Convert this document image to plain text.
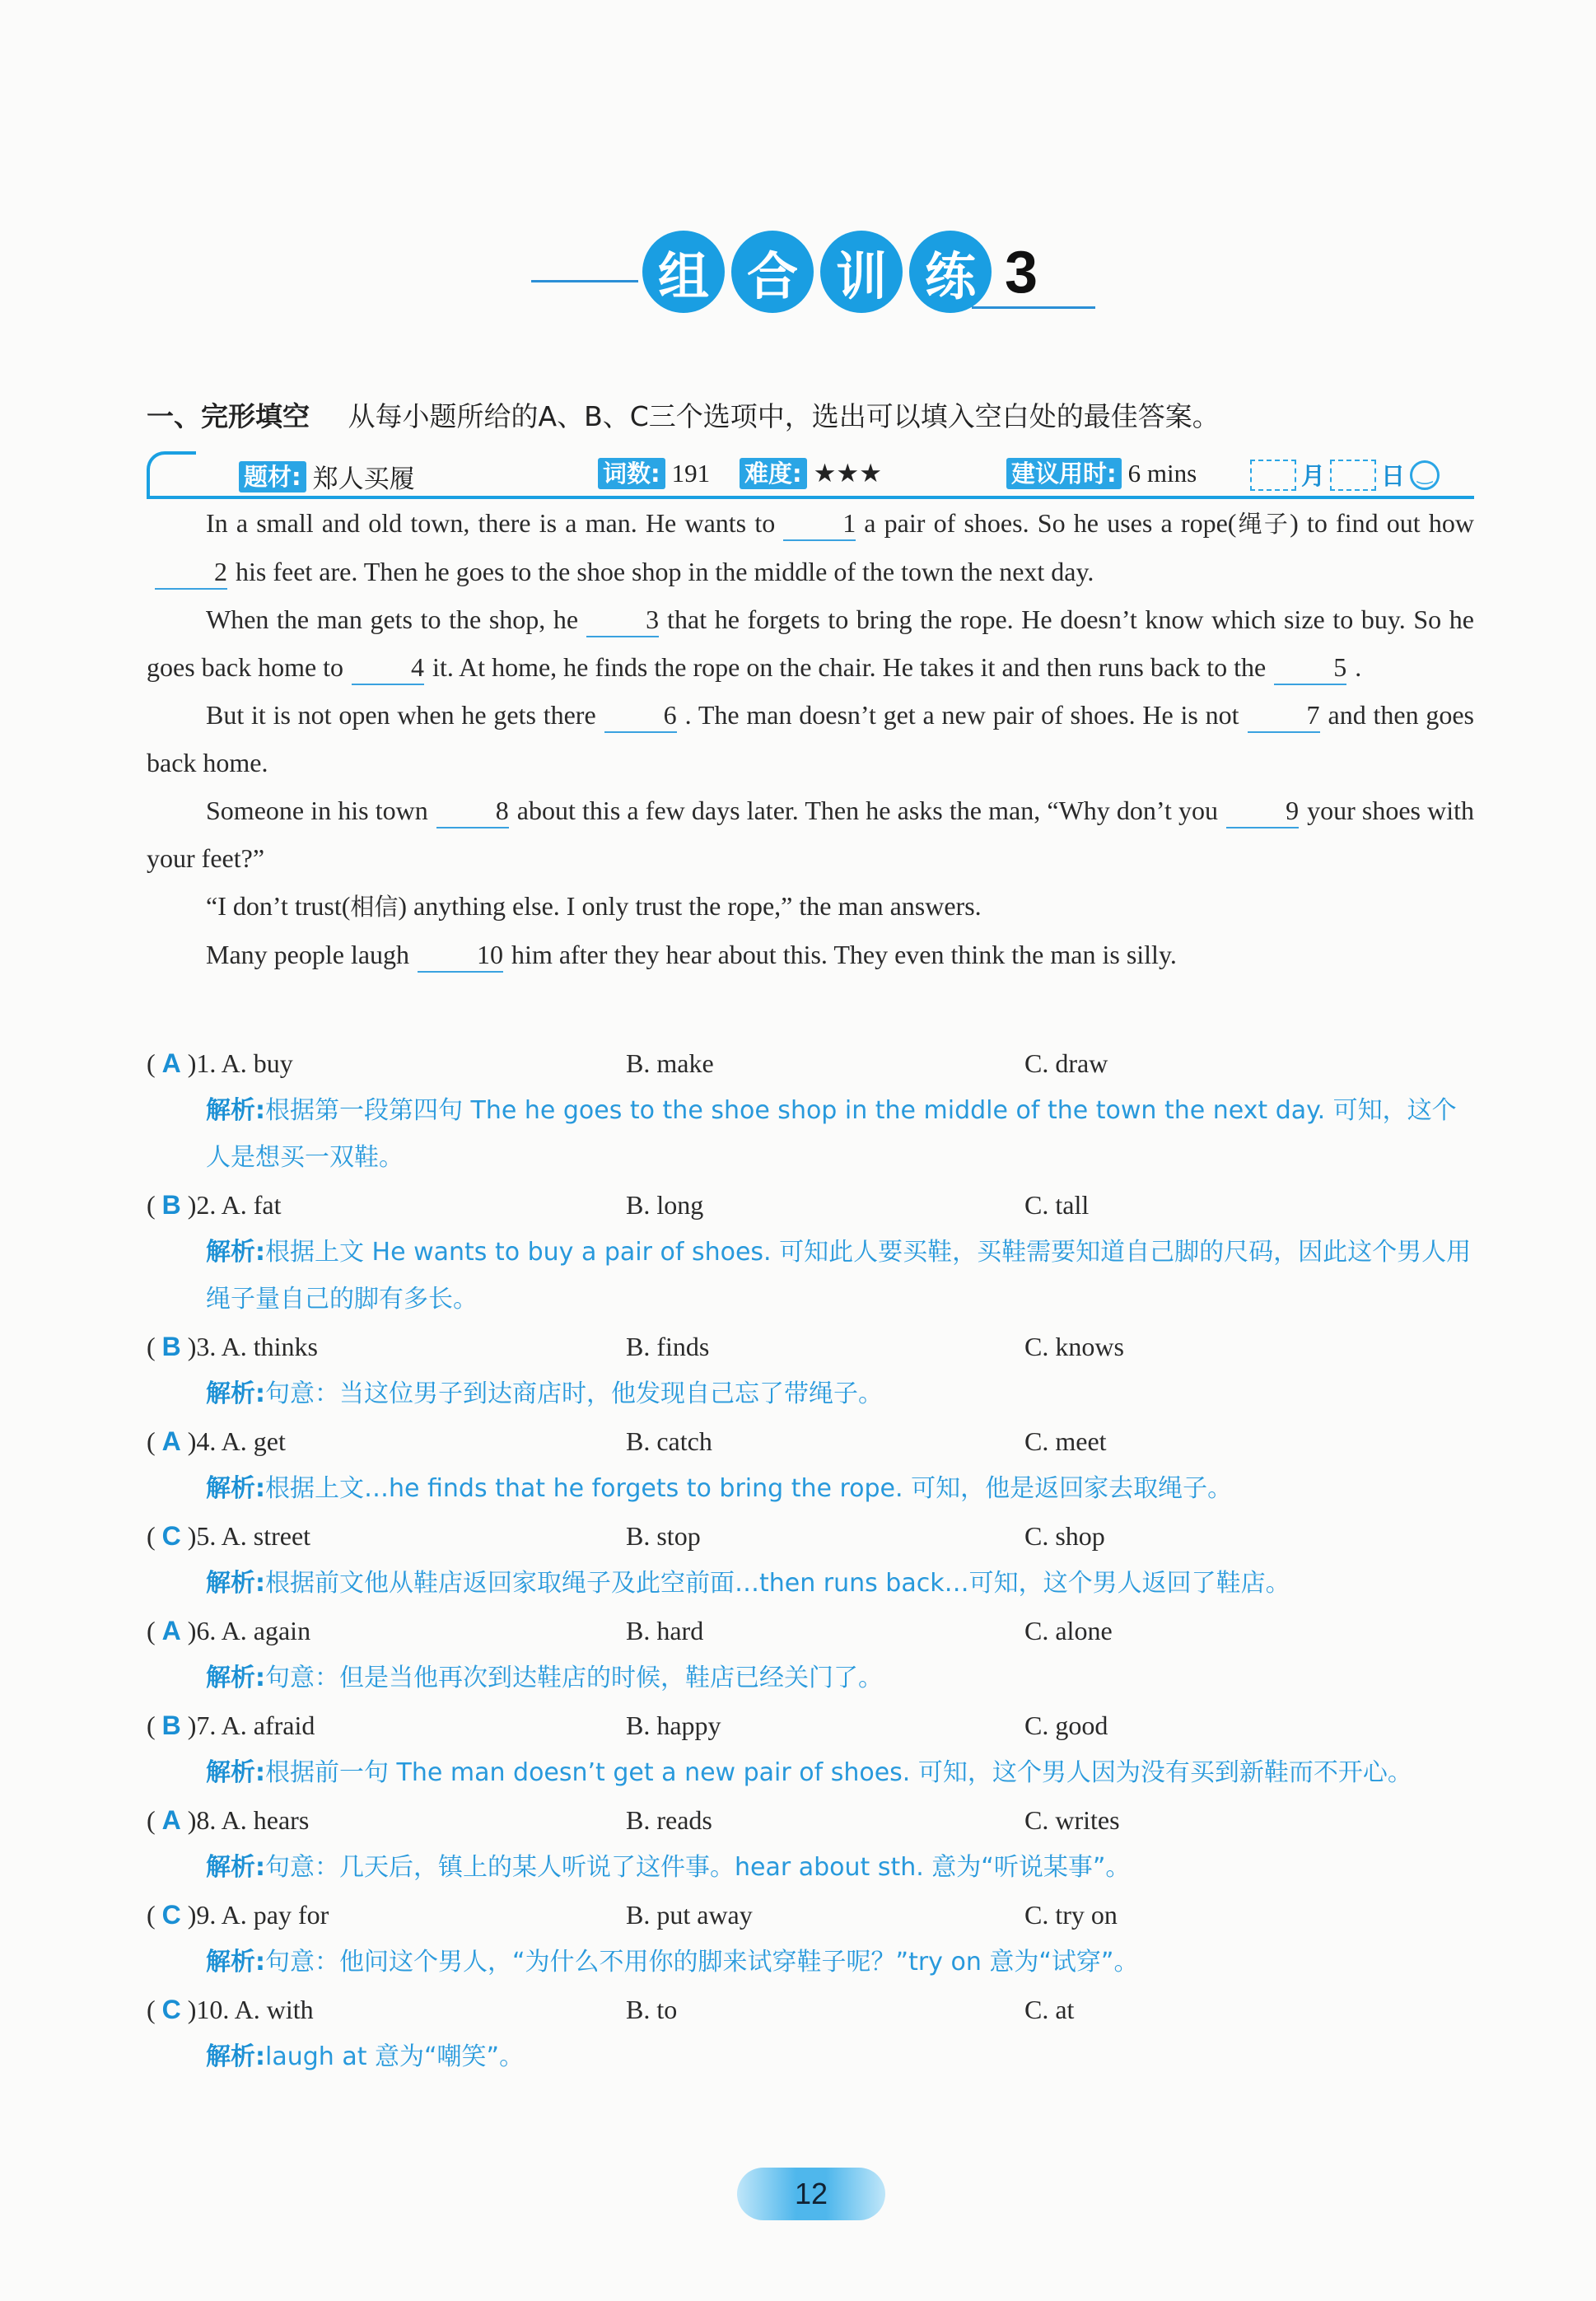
组 合 训 练 3
一、完形填空 从每小题所给的A、B、C三个选项中，选出可以填入空白处的最佳答案。
题材: 郑人买履	词数: 191 难度: ★★★	建议用时: 6 mins	月 日 ‿

In a small and old town, there is a man. He wants to	1 a pair of shoes. So he uses a rope(绳子) to find out how2 his feet are. Then he goes to the shoe shop in the middle of the town the next day.

When the man gets to the shop, he	3 that he forgets to bring the rope. He doesn’t know which size to buy. So he goes back home to	4 it. At home, he finds the rope on the chair. He takes it and then runs back to the	5 .

But it is not open when he gets there	6 . The man doesn’t get a new pair of shoes. He is not	7 and then goes back home.

Someone in his town	8 about this a few days later. Then he asks the man, “Why don’t you	9 your shoes with your feet?”

“I don’t trust(相信) anything else. I only trust the rope,” the man answers.

Many people laugh	10 him after they hear about this. They even think the man is silly.

( A )1. A. buy	B. make	C. draw
解析:根据第一段第四句 The he goes to the shoe shop in the middle of the town the next day. 可知，这个人是想买一双鞋。
( B )2. A. fat	B. long	C. tall
解析:根据上文 He wants to buy a pair of shoes. 可知此人要买鞋，买鞋需要知道自己脚的尺码，因此这个男人用绳子量自己的脚有多长。
( B )3. A. thinks	B. finds	C. knows
解析:句意：当这位男子到达商店时，他发现自己忘了带绳子。
( A )4. A. get	B. catch	C. meet
解析:根据上文…he finds that he forgets to bring the rope. 可知，他是返回家去取绳子。
( C )5. A. street	B. stop	C. shop
解析:根据前文他从鞋店返回家取绳子及此空前面…then runs back…可知，这个男人返回了鞋店。
( A )6. A. again	B. hard	C. alone
解析:句意：但是当他再次到达鞋店的时候，鞋店已经关门了。
( B )7. A. afraid	B. happy	C. good
解析:根据前一句 The man doesn’t get a new pair of shoes. 可知，这个男人因为没有买到新鞋而不开心。
( A )8. A. hears	B. reads	C. writes
解析:句意：几天后，镇上的某人听说了这件事。hear about sth. 意为“听说某事”。
( C )9. A. pay for	B. put away	C. try on
解析:句意：他问这个男人，“为什么不用你的脚来试穿鞋子呢？”try on 意为“试穿”。
( C )10. A. with	B. to	C. at
解析:laugh at 意为“嘲笑”。
12
